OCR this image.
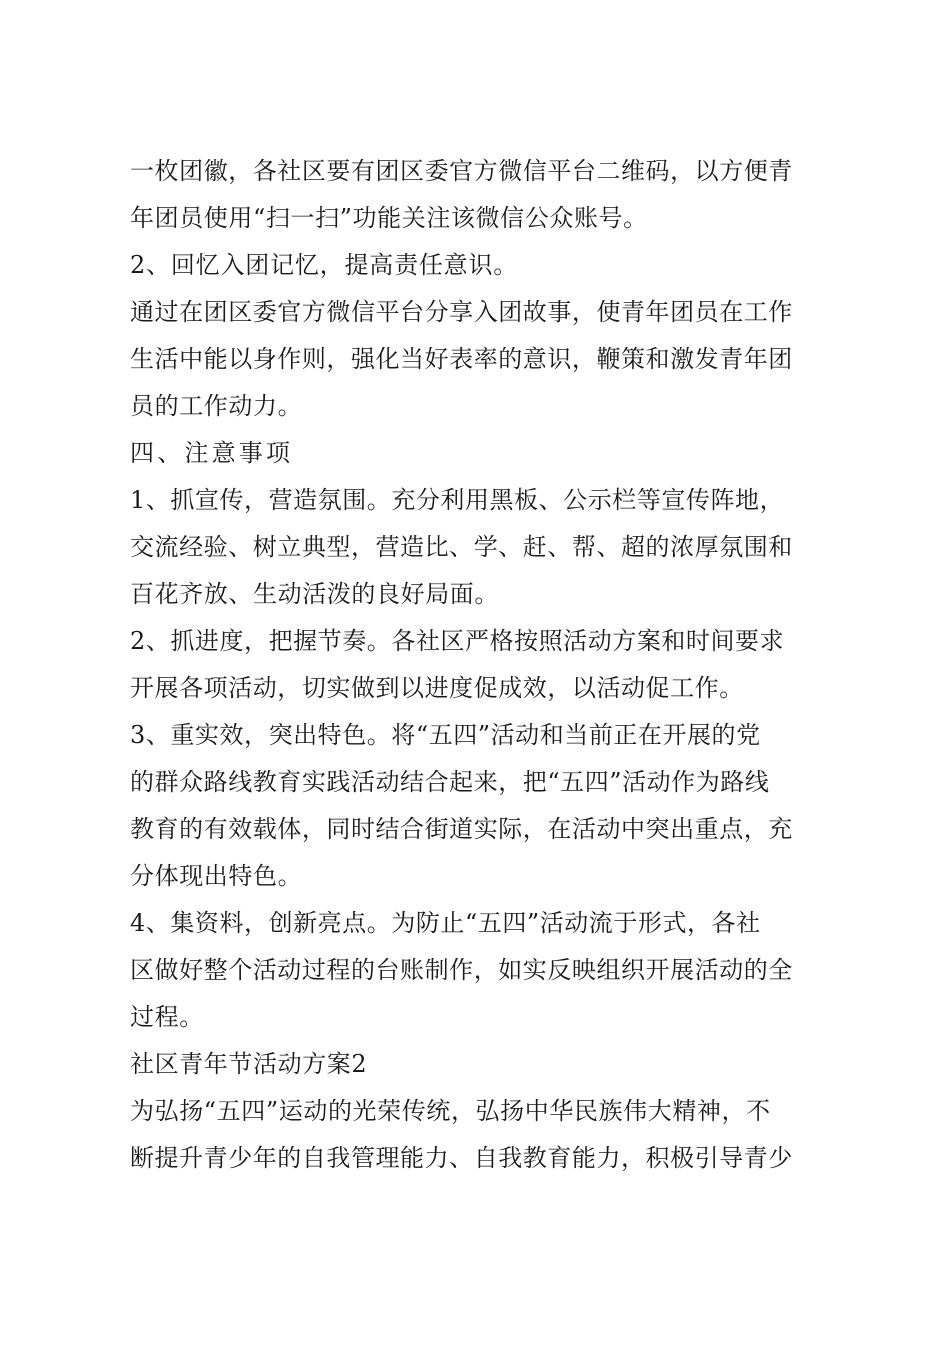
一枚团徽，各社区要有团区委官方微信平台二维码，以方便青
年团员使用“扫一扫”功能关注该微信公众账号。
2、回忆入团记忆，提高责任意识。
通过在团区委官方微信平台分享入团故事，使青年团员在工作
生活中能以身作则，强化当好表率的意识，鞭策和激发青年团
员的工作动力。
四、注意事项
1、抓宣传，营造氛围。充分利用黑板、公示栏等宣传阵地，
交流经验、树立典型，营造比、学、赶、帮、超的浓厚氛围和
百花齐放、生动活泼的良好局面。
2、抓进度，把握节奏。各社区严格按照活动方案和时间要求
开展各项活动，切实做到以进度促成效，以活动促工作。
3、重实效，突出特色。将“五四”活动和当前正在开展的党
的群众路线教育实践活动结合起来，把“五四”活动作为路线
教育的有效载体，同时结合街道实际，在活动中突出重点，充
分体现出特色。
4、集资料，创新亮点。为防止“五四”活动流于形式，各社
区做好整个活动过程的台账制作，如实反映组织开展活动的全
过程。
社区青年节活动方案2
为弘扬“五四”运动的光荣传统，弘扬中华民族伟大精神，不
断提升青少年的自我管理能力、自我教育能力，积极引导青少
